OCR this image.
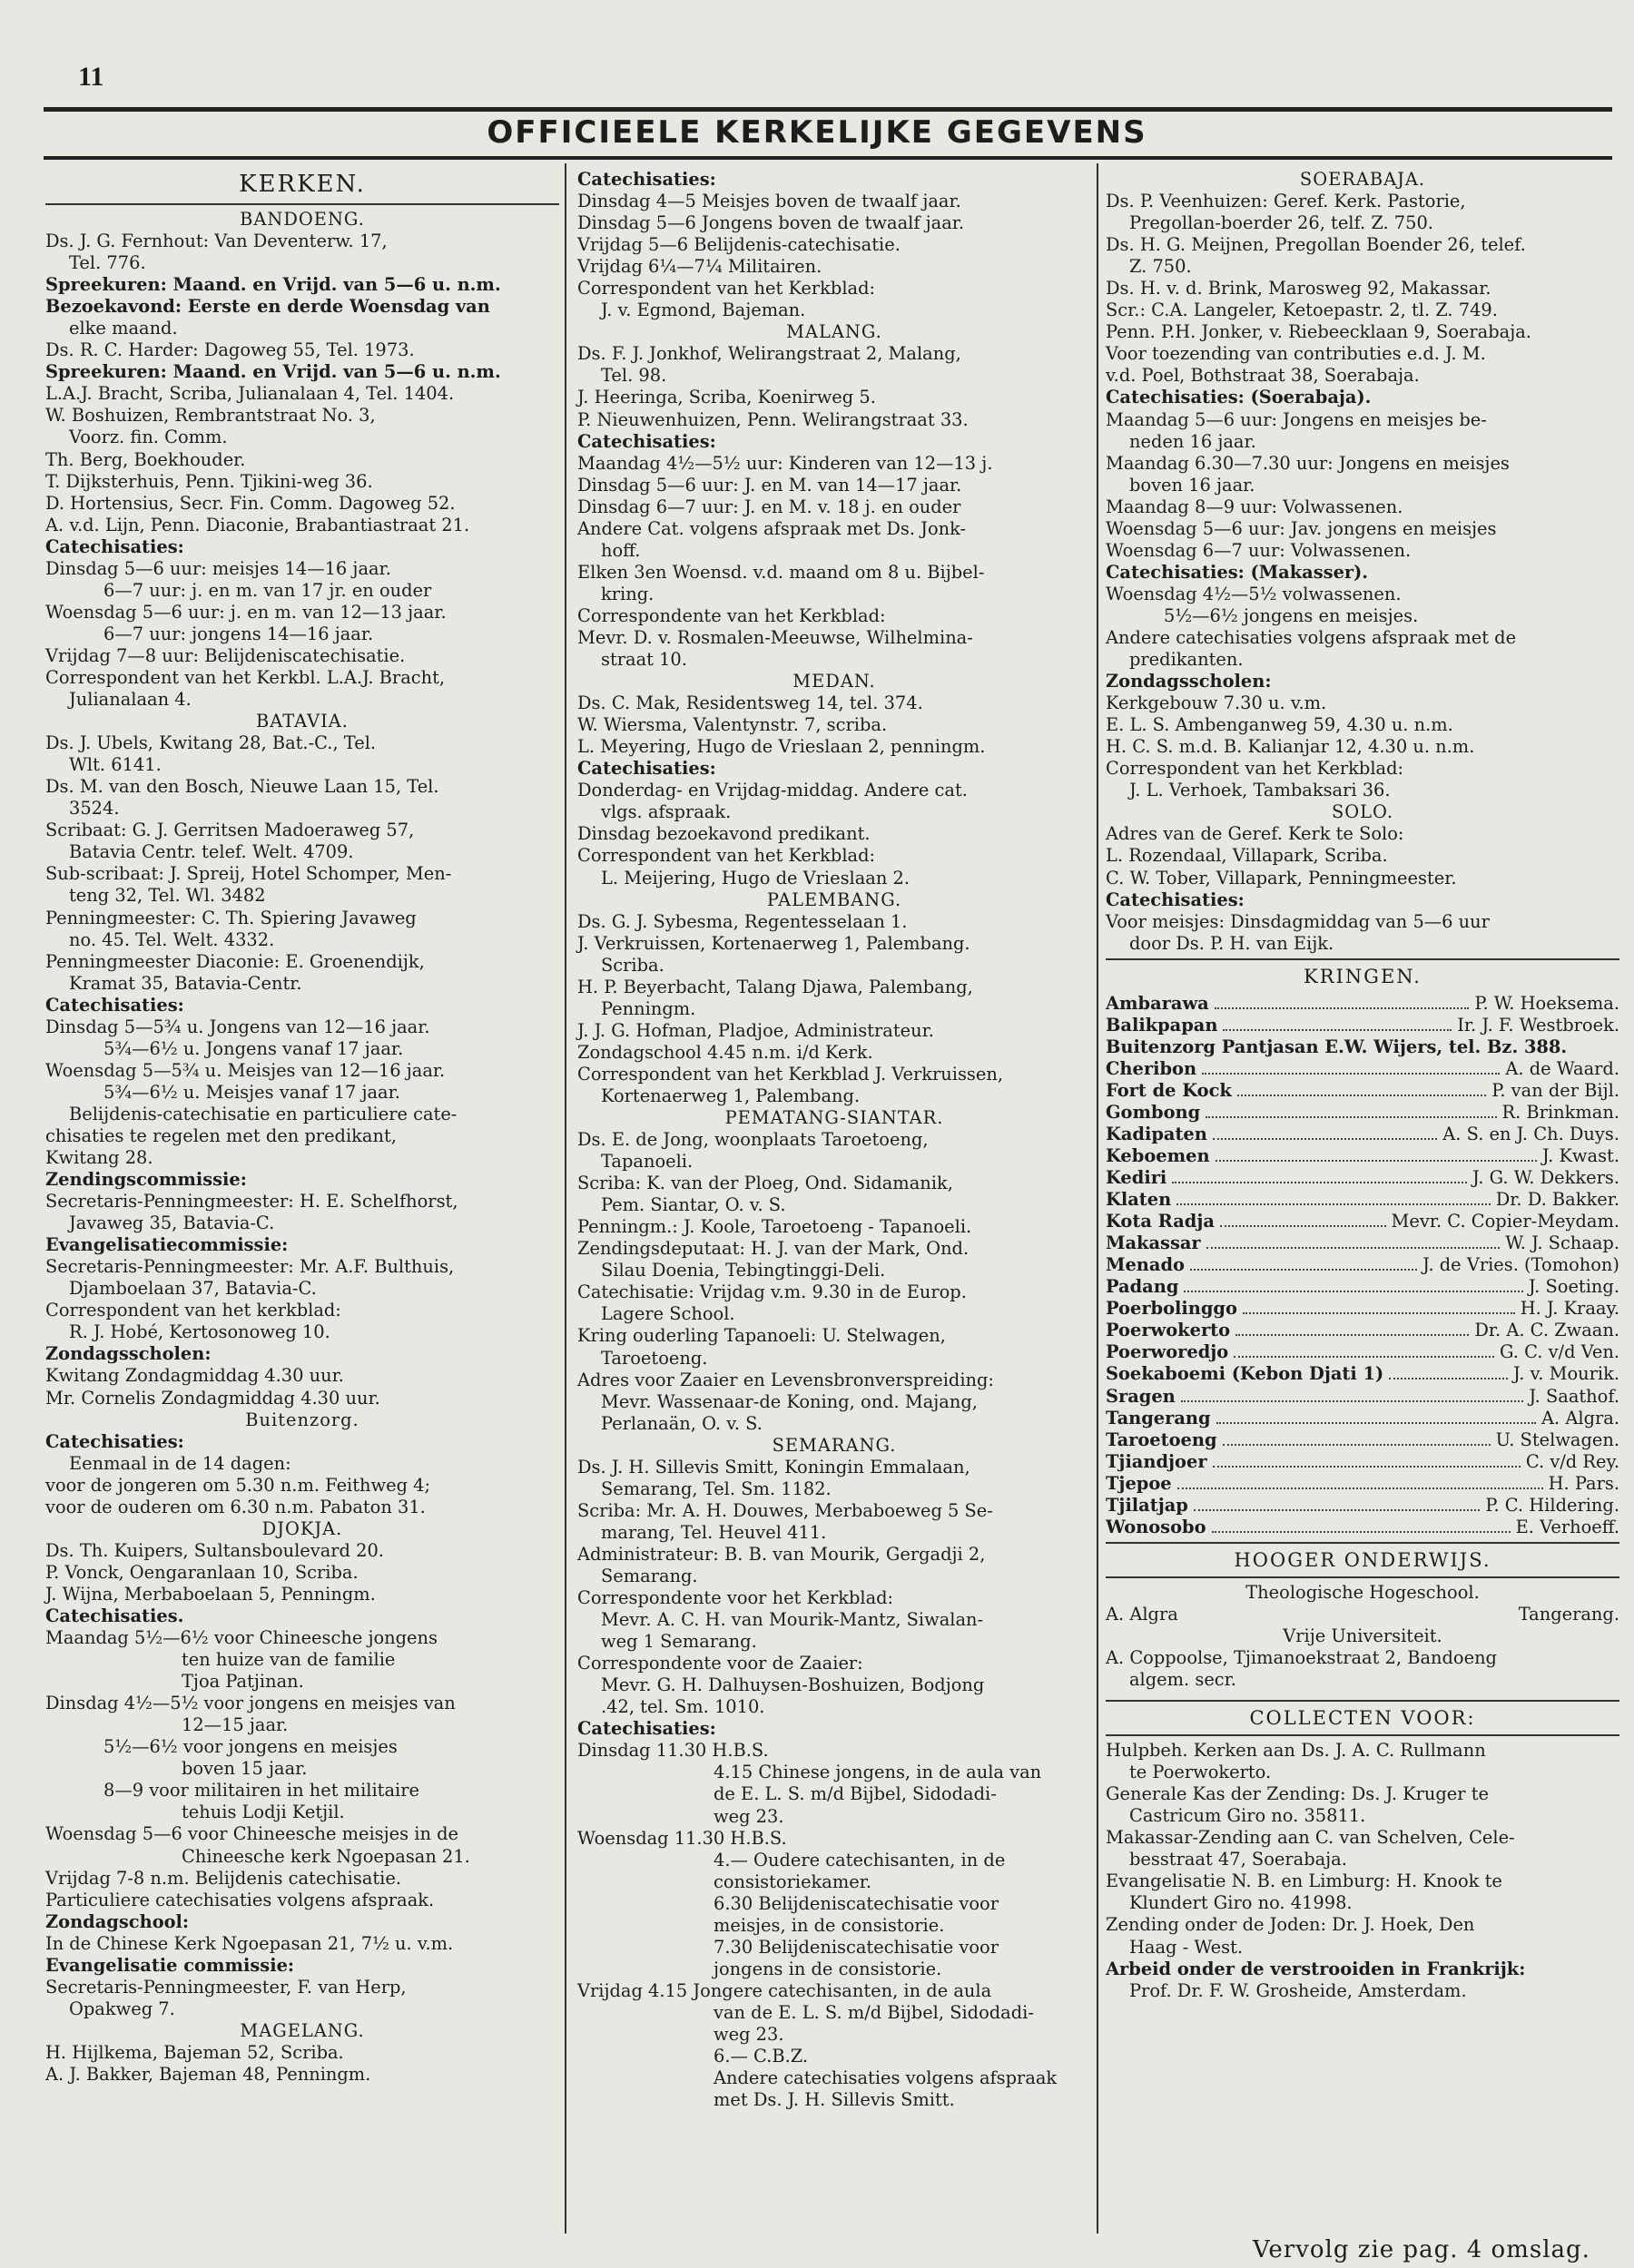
11
OFFICIEELE KERKELIJKE GEGEVENS
KERKEN.

BANDOENG.

Ds. J. G. Fernhout: Van Deventerw. 17,

Tel. 776.

Spreekuren: Maand. en Vrijd. van 5—6 u. n.m.

Bezoekavond: Eerste en derde Woensdag van

elke maand.

Ds. R. C. Harder: Dagoweg 55, Tel. 1973.

Spreekuren: Maand. en Vrijd. van 5—6 u. n.m.

L.A.J. Bracht, Scriba, Julianalaan 4, Tel. 1404.

W. Boshuizen, Rembrantstraat No. 3,

Voorz. fin. Comm.

Th. Berg, Boekhouder.

T. Dijksterhuis, Penn. Tjikini-weg 36.

D. Hortensius, Secr. Fin. Comm. Dagoweg 52.

A. v.d. Lijn, Penn. Diaconie, Brabantiastraat 21.

Catechisaties:

Dinsdag 5—6 uur: meisjes 14—16 jaar.

6—7 uur: j. en m. van 17 jr. en ouder

Woensdag 5—6 uur: j. en m. van 12—13 jaar.

6—7 uur: jongens 14—16 jaar.

Vrijdag 7—8 uur: Belijdeniscatechisatie.

Correspondent van het Kerkbl. L.A.J. Bracht,

Julianalaan 4.

BATAVIA.

Ds. J. Ubels, Kwitang 28, Bat.-C., Tel.

Wlt. 6141.

Ds. M. van den Bosch, Nieuwe Laan 15, Tel.

3524.

Scribaat: G. J. Gerritsen Madoeraweg 57,

Batavia Centr. telef. Welt. 4709.

Sub-scribaat: J. Spreij, Hotel Schomper, Men-

teng 32, Tel. Wl. 3482

Penningmeester: C. Th. Spiering Javaweg

no. 45. Tel. Welt. 4332.

Penningmeester Diaconie: E. Groenendijk,

Kramat 35, Batavia-Centr.

Catechisaties:

Dinsdag 5—5¾ u. Jongens van 12—16 jaar.

5¾—6½ u. Jongens vanaf 17 jaar.

Woensdag 5—5¾ u. Meisjes van 12—16 jaar.

5¾—6½ u. Meisjes vanaf 17 jaar.

Belijdenis-catechisatie en particuliere cate-

chisaties te regelen met den predikant,

Kwitang 28.

Zendingscommissie:

Secretaris-Penningmeester: H. E. Schelfhorst,

Javaweg 35, Batavia-C.

Evangelisatiecommissie:

Secretaris-Penningmeester: Mr. A.F. Bulthuis,

Djamboelaan 37, Batavia-C.

Correspondent van het kerkblad:

R. J. Hobé, Kertosonoweg 10.

Zondagsscholen:

Kwitang Zondagmiddag 4.30 uur.

Mr. Cornelis Zondagmiddag 4.30 uur.

Buitenzorg.

Catechisaties:

Eenmaal in de 14 dagen:

voor de jongeren om 5.30 n.m. Feithweg 4;

voor de ouderen om 6.30 n.m. Pabaton 31.

DJOKJA.

Ds. Th. Kuipers, Sultansboulevard 20.

P. Vonck, Oengaranlaan 10, Scriba.

J. Wijna, Merbaboelaan 5, Penningm.

Catechisaties.

Maandag 5½—6½ voor Chineesche jongens

ten huize van de familie

Tjoa Patjinan.

Dinsdag 4½—5½ voor jongens en meisjes van

12—15 jaar.

5½—6½ voor jongens en meisjes

boven 15 jaar.

8—9 voor militairen in het militaire

tehuis Lodji Ketjil.

Woensdag 5—6 voor Chineesche meisjes in de

Chineesche kerk Ngoepasan 21.

Vrijdag 7-8 n.m. Belijdenis catechisatie.

Particuliere catechisaties volgens afspraak.

Zondagschool:

In de Chinese Kerk Ngoepasan 21, 7½ u. v.m.

Evangelisatie commissie:

Secretaris-Penningmeester, F. van Herp,

Opakweg 7.

MAGELANG.

H. Hijlkema, Bajeman 52, Scriba.

A. J. Bakker, Bajeman 48, Penningm.

Catechisaties:

Dinsdag 4—5 Meisjes boven de twaalf jaar.

Dinsdag 5—6 Jongens boven de twaalf jaar.

Vrijdag 5—6 Belijdenis-catechisatie.

Vrijdag 6¼—7¼ Militairen.

Correspondent van het Kerkblad:

J. v. Egmond, Bajeman.

MALANG.

Ds. F. J. Jonkhof, Welirangstraat 2, Malang,

Tel. 98.

J. Heeringa, Scriba, Koenirweg 5.

P. Nieuwenhuizen, Penn. Welirangstraat 33.

Catechisaties:

Maandag 4½—5½ uur: Kinderen van 12—13 j.

Dinsdag 5—6 uur: J. en M. van 14—17 jaar.

Dinsdag 6—7 uur: J. en M. v. 18 j. en ouder

Andere Cat. volgens afspraak met Ds. Jonk-

hoff.

Elken 3en Woensd. v.d. maand om 8 u. Bijbel-

kring.

Correspondente van het Kerkblad:

Mevr. D. v. Rosmalen-Meeuwse, Wilhelmina-

straat 10.

MEDAN.

Ds. C. Mak, Residentsweg 14, tel. 374.

W. Wiersma, Valentynstr. 7, scriba.

L. Meyering, Hugo de Vrieslaan 2, penningm.

Catechisaties:

Donderdag- en Vrijdag-middag. Andere cat.

vlgs. afspraak.

Dinsdag bezoekavond predikant.

Correspondent van het Kerkblad:

L. Meijering, Hugo de Vrieslaan 2.

PALEMBANG.

Ds. G. J. Sybesma, Regentesselaan 1.

J. Verkruissen, Kortenaerweg 1, Palembang.

Scriba.

H. P. Beyerbacht, Talang Djawa, Palembang,

Penningm.

J. J. G. Hofman, Pladjoe, Administrateur.

Zondagschool 4.45 n.m. i/d Kerk.

Correspondent van het Kerkblad J. Verkruissen,

Kortenaerweg 1, Palembang.

PEMATANG-SIANTAR.

Ds. E. de Jong, woonplaats Taroetoeng,

Tapanoeli.

Scriba: K. van der Ploeg, Ond. Sidamanik,

Pem. Siantar, O. v. S.

Penningm.: J. Koole, Taroetoeng - Tapanoeli.

Zendingsdeputaat: H. J. van der Mark, Ond.

Silau Doenia, Tebingtinggi-Deli.

Catechisatie: Vrijdag v.m. 9.30 in de Europ.

Lagere School.

Kring ouderling Tapanoeli: U. Stelwagen,

Taroetoeng.

Adres voor Zaaier en Levensbronverspreiding:

Mevr. Wassenaar-de Koning, ond. Majang,

Perlanaän, O. v. S.

SEMARANG.

Ds. J. H. Sillevis Smitt, Koningin Emmalaan,

Semarang, Tel. Sm. 1182.

Scriba: Mr. A. H. Douwes, Merbaboeweg 5 Se-

marang, Tel. Heuvel 411.

Administrateur: B. B. van Mourik, Gergadji 2,

Semarang.

Correspondente voor het Kerkblad:

Mevr. A. C. H. van Mourik-Mantz, Siwalan-

weg 1 Semarang.

Correspondente voor de Zaaier:

Mevr. G. H. Dalhuysen-Boshuizen, Bodjong

.42, tel. Sm. 1010.

Catechisaties:

Dinsdag 11.30 H.B.S.

4.15 Chinese jongens, in de aula van

de E. L. S. m/d Bijbel, Sidodadi-

weg 23.

Woensdag 11.30 H.B.S.

4.— Oudere catechisanten, in de

consistoriekamer.

6.30 Belijdeniscatechisatie voor

meisjes, in de consistorie.

7.30 Belijdeniscatechisatie voor

jongens in de consistorie.

Vrijdag 4.15 Jongere catechisanten, in de aula

van de E. L. S. m/d Bijbel, Sidodadi-

weg 23.

6.— C.B.Z.

Andere catechisaties volgens afspraak

met Ds. J. H. Sillevis Smitt.

SOERABAJA.

Ds. P. Veenhuizen: Geref. Kerk. Pastorie,

Pregollan-boerder 26, telf. Z. 750.

Ds. H. G. Meijnen, Pregollan Boender 26, telef.

Z. 750.

Ds. H. v. d. Brink, Marosweg 92, Makassar.

Scr.: C.A. Langeler, Ketoepastr. 2, tl. Z. 749.

Penn. P.H. Jonker, v. Riebeecklaan 9, Soerabaja.

Voor toezending van contributies e.d. J. M.

v.d. Poel, Bothstraat 38, Soerabaja.

Catechisaties: (Soerabaja).

Maandag 5—6 uur: Jongens en meisjes be-

neden 16 jaar.

Maandag 6.30—7.30 uur: Jongens en meisjes

boven 16 jaar.

Maandag 8—9 uur: Volwassenen.

Woensdag 5—6 uur: Jav. jongens en meisjes

Woensdag 6—7 uur: Volwassenen.

Catechisaties: (Makasser).

Woensdag 4½—5½ volwassenen.

5½—6½ jongens en meisjes.

Andere catechisaties volgens afspraak met de

predikanten.

Zondagsscholen:

Kerkgebouw 7.30 u. v.m.

E. L. S. Ambenganweg 59, 4.30 u. n.m.

H. C. S. m.d. B. Kalianjar 12, 4.30 u. n.m.

Correspondent van het Kerkblad:

J. L. Verhoek, Tambaksari 36.

SOLO.

Adres van de Geref. Kerk te Solo:

L. Rozendaal, Villapark, Scriba.

C. W. Tober, Villapark, Penningmeester.

Catechisaties:

Voor meisjes: Dinsdagmiddag van 5—6 uur

door Ds. P. H. van Eijk.

KRINGEN.

Ambarawa	P. W. Hoeksema.

Balikpapan	Ir. J. F. Westbroek.

Buitenzorg Pantjasan E.W. Wijers, tel. Bz. 388.

Cheribon	A. de Waard.

Fort de Kock	P. van der Bijl.

Gombong	R. Brinkman.

Kadipaten	A. S. en J. Ch. Duys.

Keboemen	J. Kwast.

Kediri	J. G. W. Dekkers.

Klaten	Dr. D. Bakker.

Kota Radja	Mevr. C. Copier-Meydam.

Makassar	W. J. Schaap.

Menado	J. de Vries. (Tomohon)

Padang	J. Soeting.

Poerbolinggo	H. J. Kraay.

Poerwokerto	Dr. A. C. Zwaan.

Poerworedjo	G. C. v/d Ven.

Soekaboemi (Kebon Djati 1)	J. v. Mourik.

Sragen	J. Saathof.

Tangerang	A. Algra.

Taroetoeng	U. Stelwagen.

Tjiandjoer	C. v/d Rey.

Tjepoe	H. Pars.

Tjilatjap	P. C. Hildering.

Wonosobo	E. Verhoeff.

HOOGER ONDERWIJS.

Theologische Hogeschool.

A. Algra	Tangerang.

Vrije Universiteit.

A. Coppoolse, Tjimanoekstraat 2, Bandoeng

algem. secr.

COLLECTEN VOOR:

Hulpbeh. Kerken aan Ds. J. A. C. Rullmann

te Poerwokerto.

Generale Kas der Zending: Ds. J. Kruger te

Castricum Giro no. 35811.

Makassar-Zending aan C. van Schelven, Cele-

besstraat 47, Soerabaja.

Evangelisatie N. B. en Limburg: H. Knook te

Klundert Giro no. 41998.

Zending onder de Joden: Dr. J. Hoek, Den

Haag - West.

Arbeid onder de verstrooiden in Frankrijk:

Prof. Dr. F. W. Grosheide, Amsterdam.

Vervolg zie pag. 4 omslag.
